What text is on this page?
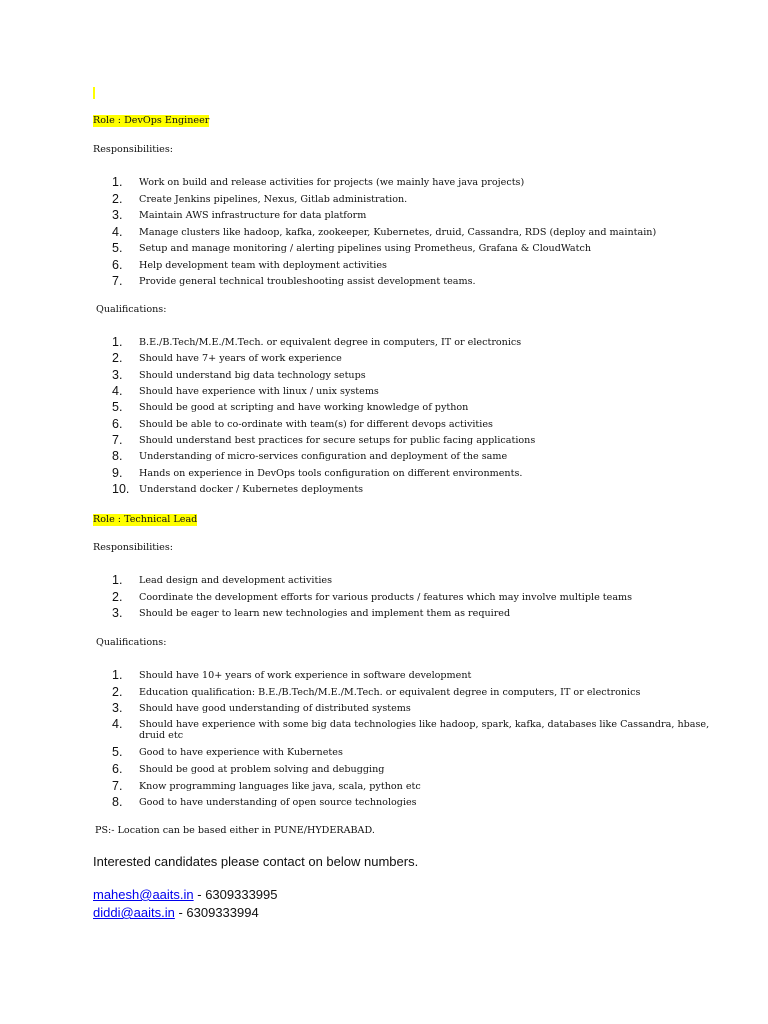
Role : DevOps Engineer
Responsibilities:
1.	Work on build and release activities for projects (we mainly have java projects)
2.	Create Jenkins pipelines, Nexus, Gitlab administration.
3.	Maintain AWS infrastructure for data platform
4.	Manage clusters like hadoop, kafka, zookeeper, Kubernetes, druid, Cassandra, RDS (deploy and maintain)
5.	Setup and manage monitoring / alerting pipelines using Prometheus, Grafana & CloudWatch
6.	Help development team with deployment activities
7.	Provide general technical troubleshooting assist development teams.
Qualifications:
1.	B.E./B.Tech/M.E./M.Tech. or equivalent degree in computers, IT or electronics
2.	Should have 7+ years of work experience
3.	Should understand big data technology setups
4.	Should have experience with linux / unix systems
5.	Should be good at scripting and have working knowledge of python
6.	Should be able to co-ordinate with team(s) for different devops activities
7.	Should understand best practices for secure setups for public facing applications
8.	Understanding of micro-services configuration and deployment of the same
9.	Hands on experience in DevOps tools configuration on different environments.
10.	Understand docker / Kubernetes deployments
Role : Technical Lead
Responsibilities:
1.	Lead design and development activities
2.	Coordinate the development efforts for various products / features which may involve multiple teams
3.	Should be eager to learn new technologies and implement them as required
Qualifications:
1.	Should have 10+ years of work experience in software development
2.	Education qualification: B.E./B.Tech/M.E./M.Tech. or equivalent degree in computers, IT or electronics
3.	Should have good understanding of distributed systems
4.	Should have experience with some big data technologies like hadoop, spark, kafka, databases like Cassandra, hbase,
5.	Good to have experience with Kubernetes
6.	Should be good at problem solving and debugging
7.	Know programming languages like java, scala, python etc
8.	Good to have understanding of open source technologies
druid etc
PS:- Location can be based either in PUNE/HYDERABAD.
Interested candidates please contact on below numbers.
mahesh@aaits.in - 6309333995
diddi@aaits.in - 6309333994
